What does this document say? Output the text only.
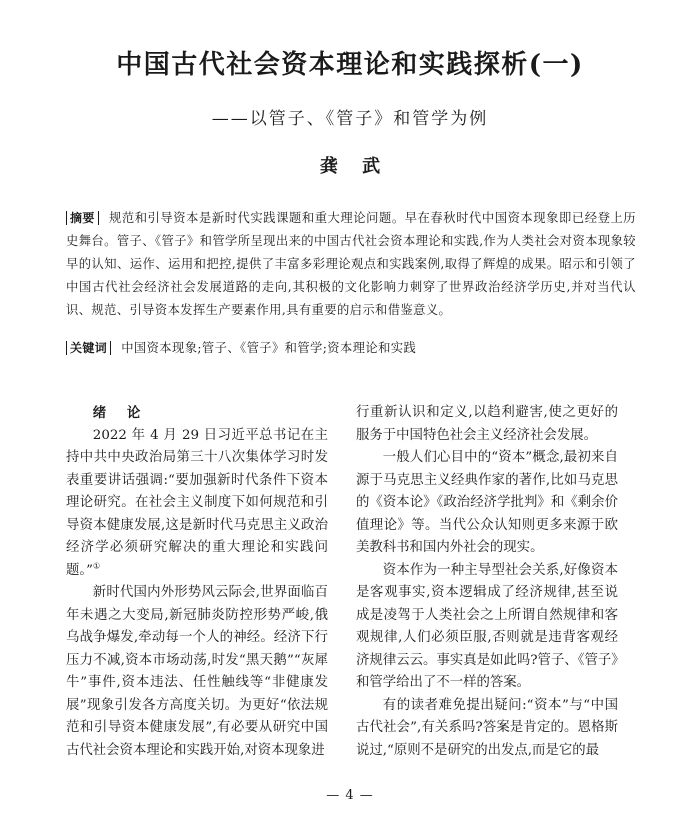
中国古代社会资本理论和实践探析(一)
——以管子、《管子》和管学为例
龚 武
摘要 规范和引导资本是新时代实践课题和重大理论问题。早在春秋时代中国资本现象即已经登上历史舞台。管子、《管子》和管学所呈现出来的中国古代社会资本理论和实践,作为人类社会对资本现象较早的认知、运作、运用和把控,提供了丰富多彩理论观点和实践案例,取得了辉煌的成果。昭示和引领了中国古代社会经济社会发展道路的走向,其积极的文化影响力刺穿了世界政治经济学历史,并对当代认识、规范、引导资本发挥生产要素作用,具有重要的启示和借鉴意义。
关键词 中国资本现象;管子、《管子》和管学;资本理论和实践
绪 论

2022 年 4 月 29 日习近平总书记在主持中共中央政治局第三十八次集体学习时发表重要讲话强调:“要加强新时代条件下资本理论研究。在社会主义制度下如何规范和引导资本健康发展,这是新时代马克思主义政治经济学必须研究解决的重大理论和实践问题。”①

新时代国内外形势风云际会,世界面临百年未遇之大变局,新冠肺炎防控形势严峻,俄乌战争爆发,牵动每一个人的神经。经济下行压力不减,资本市场动荡,时发“黑天鹅”“灰犀牛”事件,资本违法、任性触线等“非健康发展”现象引发各方高度关切。为更好“依法规范和引导资本健康发展”,有必要从研究中国古代社会资本理论和实践开始,对资本现象进

行重新认识和定义,以趋利避害,使之更好的服务于中国特色社会主义经济社会发展。

一般人们心目中的“资本”概念,最初来自源于马克思主义经典作家的著作,比如马克思的《资本论》《政治经济学批判》和《剩余价值理论》等。当代公众认知则更多来源于欧美教科书和国内外社会的现实。

资本作为一种主导型社会关系,好像资本是客观事实,资本逻辑成了经济规律,甚至说成是凌驾于人类社会之上所谓自然规律和客观规律,人们必须臣服,否则就是违背客观经济规律云云。事实真是如此吗?管子、《管子》和管学给出了不一样的答案。

有的读者难免提出疑问:“资本”与“中国古代社会”,有关系吗?答案是肯定的。恩格斯说过,“原则不是研究的出发点,而是它的最

— 4 —
